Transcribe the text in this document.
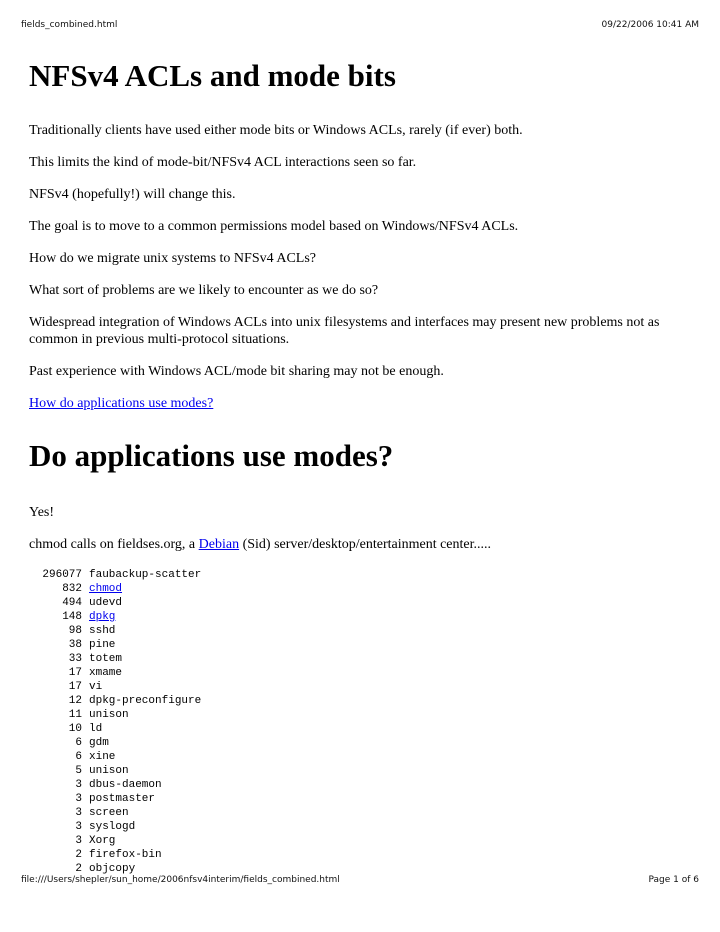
fields_combined.html	09/22/2006 10:41 AM
NFSv4 ACLs and mode bits

Traditionally clients have used either mode bits or Windows ACLs, rarely (if ever) both.

This limits the kind of mode-bit/NFSv4 ACL interactions seen so far.

NFSv4 (hopefully!) will change this.

The goal is to move to a common permissions model based on Windows/NFSv4 ACLs.

How do we migrate unix systems to NFSv4 ACLs?

What sort of problems are we likely to encounter as we do so?

Widespread integration of Windows ACLs into unix filesystems and interfaces may present new problems not as common in previous multi-protocol situations.

Past experience with Windows ACL/mode bit sharing may not be enough.

How do applications use modes?

Do applications use modes?

Yes!

chmod calls on fieldses.org, a Debian (Sid) server/desktop/entertainment center.....

296077 faubackup-scatter
832 chmod
494 udevd
148 dpkg
98 sshd
38 pine
33 totem
17 xmame
17 vi
12 dpkg-preconfigure
11 unison
10 ld
6 gdm
6 xine
5 unison
3 dbus-daemon
3 postmaster
3 screen
3 syslogd
3 Xorg
2 firefox-bin
2 objcopy
file:///Users/shepler/sun_home/2006nfsv4interim/fields_combined.html	Page 1 of 6
